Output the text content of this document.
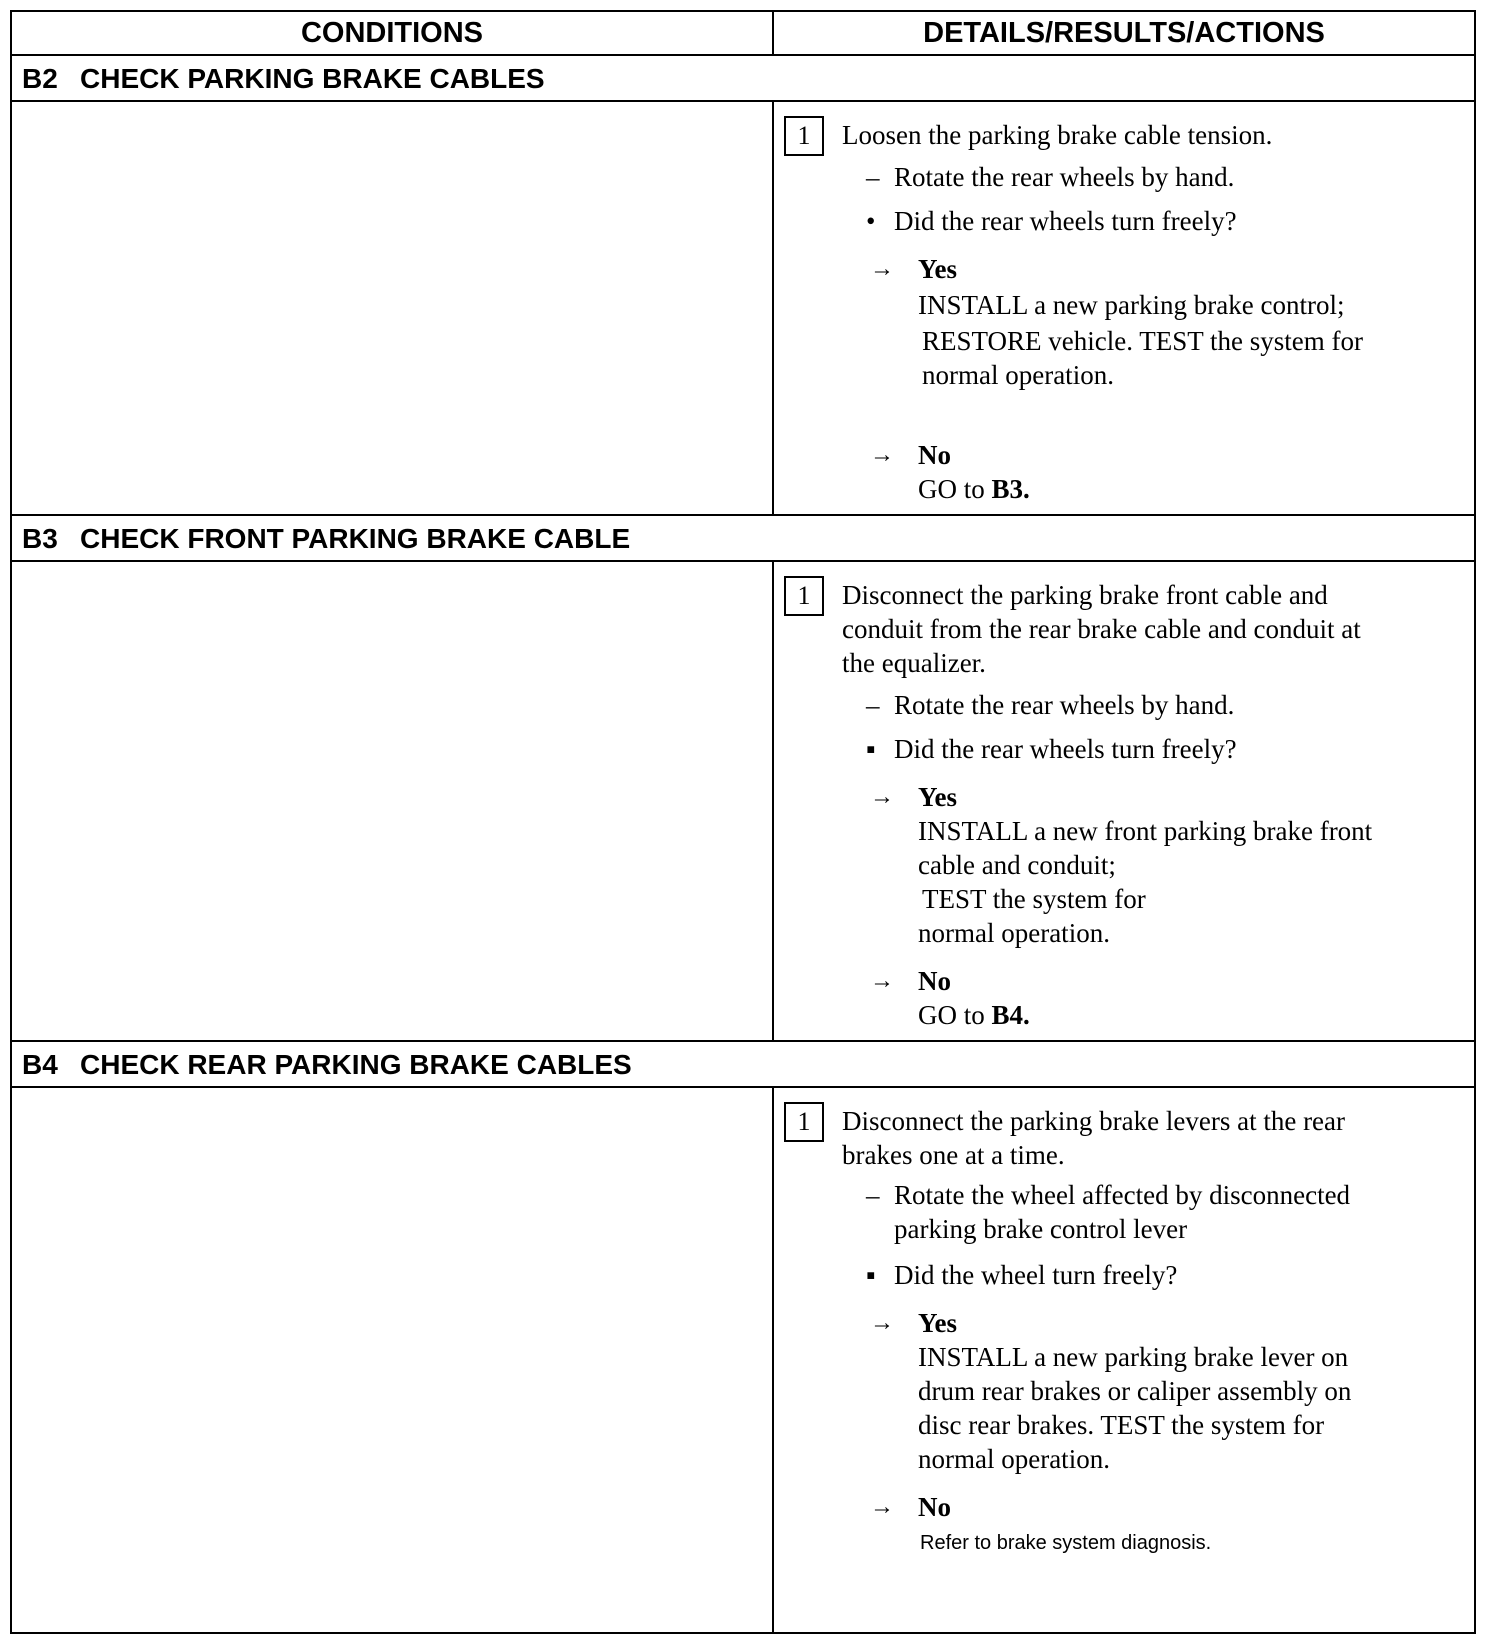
CONDITIONS	DETAILS/RESULTS/ACTIONS
B2 CHECK PARKING BRAKE CABLES
1	Loosen the parking brake cable tension.
– Rotate the rear wheels by hand.
• Did the rear wheels turn freely?
→ Yes
INSTALL a new parking brake control;
RESTORE vehicle. TEST the system for
normal operation.
→ No
GO to B3.
B3 CHECK FRONT PARKING BRAKE CABLE
1	Disconnect the parking brake front cable and
conduit from the rear brake cable and conduit at
the equalizer.
– Rotate the rear wheels by hand.
▪ Did the rear wheels turn freely?
→ Yes
INSTALL a new front parking brake front
cable and conduit;
TEST the system for
normal operation.
→ No
GO to B4.
B4 CHECK REAR PARKING BRAKE CABLES
1	Disconnect the parking brake levers at the rear
brakes one at a time.
– Rotate the wheel affected by disconnected
parking brake control lever
▪ Did the wheel turn freely?
→ Yes
INSTALL a new parking brake lever on
drum rear brakes or caliper assembly on
disc rear brakes. TEST the system for
normal operation.
→ No
Refer to brake system diagnosis.
